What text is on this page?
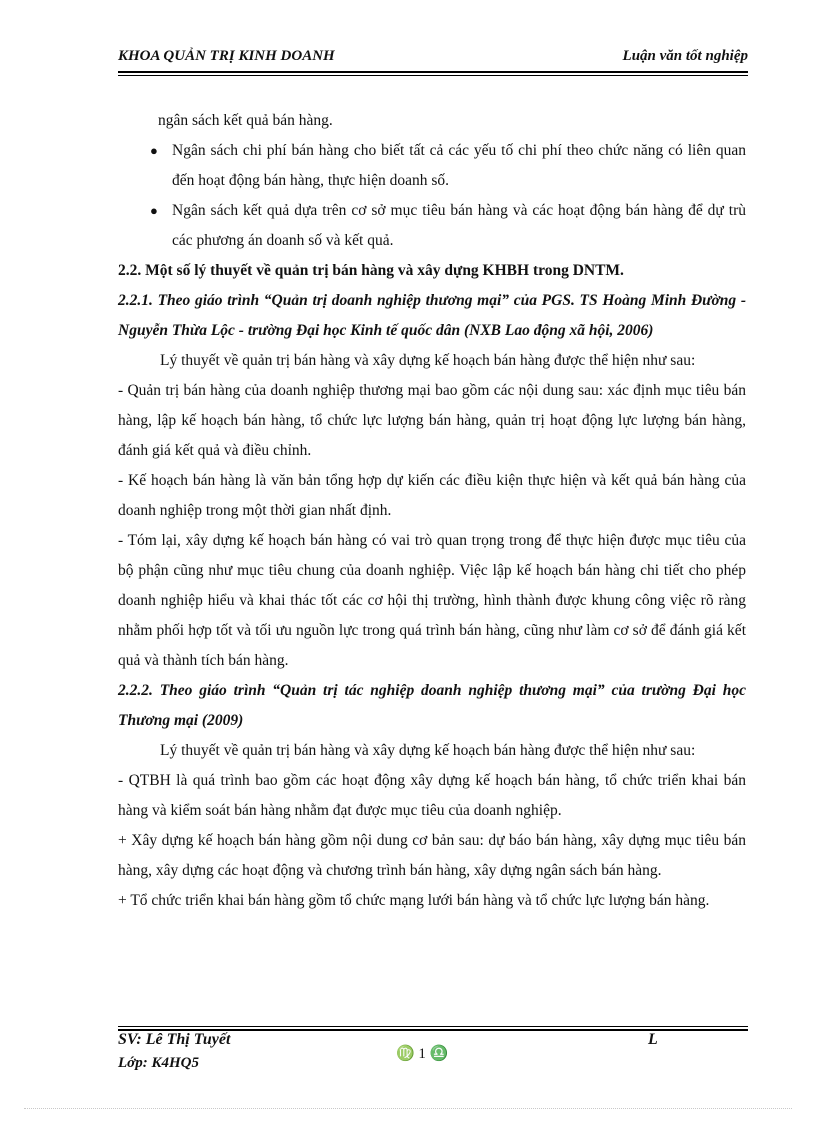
KHOA QUẢN TRỊ KINH DOANH	Luận văn tốt nghiệp

ngân sách kết quả bán hàng.

● Ngân sách chi phí bán hàng cho biết tất cả các yếu tố chi phí theo chức năng có liên quan đến hoạt động bán hàng, thực hiện doanh số.
● Ngân sách kết quả dựa trên cơ sở mục tiêu bán hàng và các hoạt động bán hàng để dự trù các phương án doanh số và kết quả.

2.2. Một số lý thuyết về quản trị bán hàng và xây dựng KHBH trong DNTM.

2.2.1. Theo giáo trình “Quản trị doanh nghiệp thương mại” của PGS. TS Hoàng Minh Đường - Nguyễn Thừa Lộc - trường Đại học Kinh tế quốc dân (NXB Lao động xã hội, 2006)

Lý thuyết về quản trị bán hàng và xây dựng kế hoạch bán hàng được thể hiện như sau:

- Quản trị bán hàng của doanh nghiệp thương mại bao gồm các nội dung sau: xác định mục tiêu bán hàng, lập kế hoạch bán hàng, tổ chức lực lượng bán hàng, quản trị hoạt động lực lượng bán hàng, đánh giá kết quả và điều chỉnh.

- Kế hoạch bán hàng là văn bản tổng hợp dự kiến các điều kiện thực hiện và kết quả bán hàng của doanh nghiệp trong một thời gian nhất định.

- Tóm lại, xây dựng kế hoạch bán hàng có vai trò quan trọng trong để thực hiện được mục tiêu của bộ phận cũng như mục tiêu chung của doanh nghiệp. Việc lập kế hoạch bán hàng chi tiết cho phép doanh nghiệp hiểu và khai thác tốt các cơ hội thị trường, hình thành được khung công việc rõ ràng nhằm phối hợp tốt và tối ưu nguồn lực trong quá trình bán hàng, cũng như làm cơ sở để đánh giá kết quả và thành tích bán hàng.

2.2.2. Theo giáo trình “Quản trị tác nghiệp doanh nghiệp thương mại” của trường Đại học Thương mại (2009)

Lý thuyết về quản trị bán hàng và xây dựng kế hoạch bán hàng được thể hiện như sau:

- QTBH là quá trình bao gồm các hoạt động xây dựng kế hoạch bán hàng, tổ chức triển khai bán hàng và kiểm soát bán hàng nhằm đạt được mục tiêu của doanh nghiệp.

+ Xây dựng kế hoạch bán hàng gồm nội dung cơ bản sau: dự báo bán hàng, xây dựng mục tiêu bán hàng, xây dựng các hoạt động và chương trình bán hàng, xây dựng ngân sách bán hàng.

+ Tổ chức triển khai bán hàng gồm tổ chức mạng lưới bán hàng và tổ chức lực lượng bán hàng.

SV: Lê Thị Tuyết
Lớp: K4HQ5
L
♍ 1 ♎
